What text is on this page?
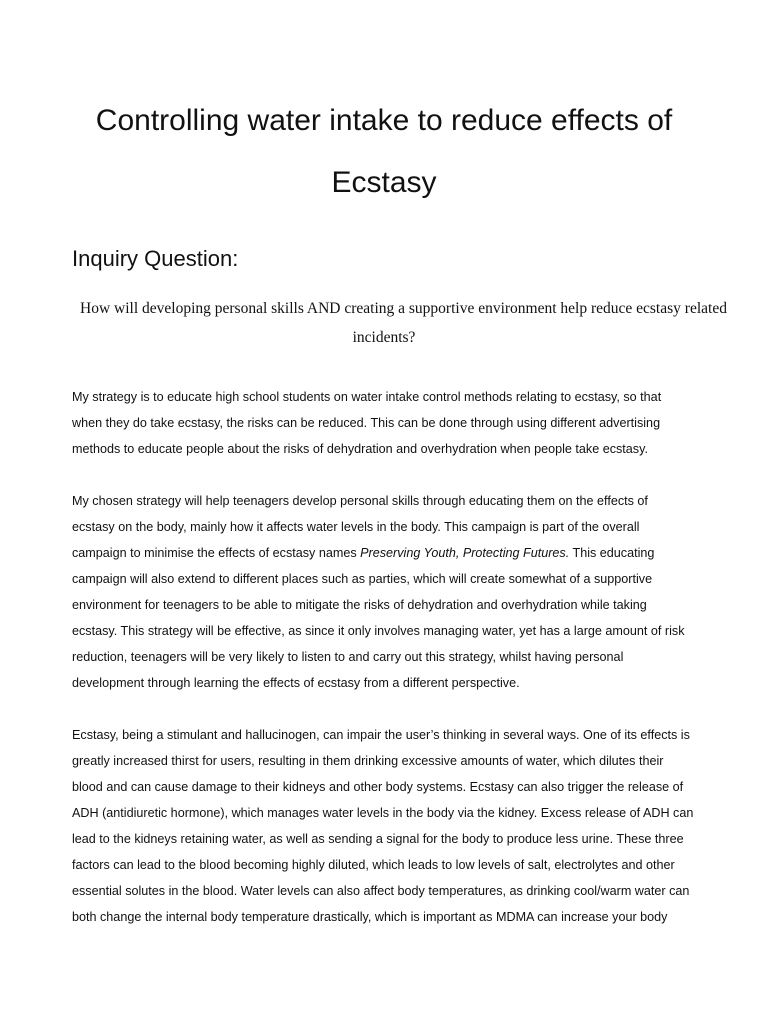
Controlling water intake to reduce effects of
Ecstasy
Inquiry Question:

How will developing personal skills AND creating a supportive environment help reduce ecstasy related
incidents?

My strategy is to educate high school students on water intake control methods relating to ecstasy, so that
when they do take ecstasy, the risks can be reduced. This can be done through using different advertising
methods to educate people about the risks of dehydration and overhydration when people take ecstasy.

My chosen strategy will help teenagers develop personal skills through educating them on the effects of
ecstasy on the body, mainly how it affects water levels in the body. This campaign is part of the overall
campaign to minimise the effects of ecstasy names Preserving Youth, Protecting Futures. This educating
campaign will also extend to different places such as parties, which will create somewhat of a supportive
environment for teenagers to be able to mitigate the risks of dehydration and overhydration while taking
ecstasy. This strategy will be effective, as since it only involves managing water, yet has a large amount of risk
reduction, teenagers will be very likely to listen to and carry out this strategy, whilst having personal
development through learning the effects of ecstasy from a different perspective.

Ecstasy, being a stimulant and hallucinogen, can impair the user’s thinking in several ways. One of its effects is
greatly increased thirst for users, resulting in them drinking excessive amounts of water, which dilutes their
blood and can cause damage to their kidneys and other body systems. Ecstasy can also trigger the release of
ADH (antidiuretic hormone), which manages water levels in the body via the kidney. Excess release of ADH can
lead to the kidneys retaining water, as well as sending a signal for the body to produce less urine. These three
factors can lead to the blood becoming highly diluted, which leads to low levels of salt, electrolytes and other
essential solutes in the blood. Water levels can also affect body temperatures, as drinking cool/warm water can
both change the internal body temperature drastically, which is important as MDMA can increase your body
